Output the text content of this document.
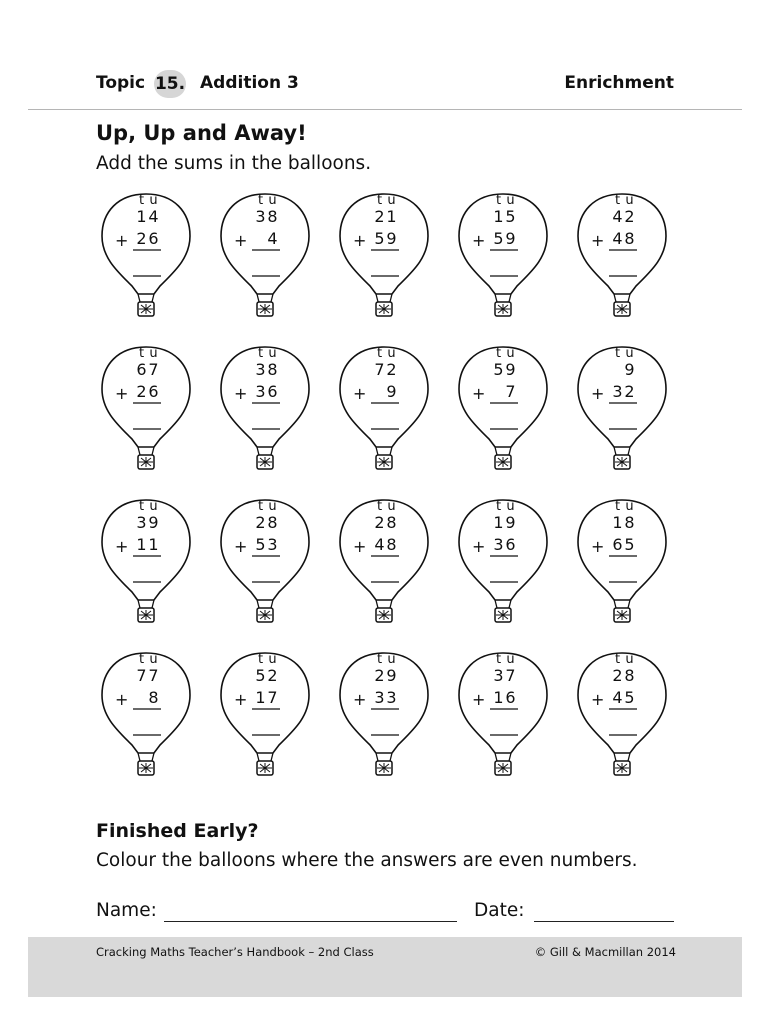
Topic 15. Addition 3	Enrichment
Up, Up and Away!
Add the sums in the balloons.
t u
1 4
+ 2 6
t u
3 8
+ 4
t u
2 1
+ 5 9
t u
1 5
+ 5 9
t u
4 2
+ 4 8
t u
6 7
+ 2 6
t u
3 8
+ 3 6
t u
7 2
+ 9
t u
5 9
+ 7
t u
9
+ 3 2
t u
3 9
+ 1 1
t u
2 8
+ 5 3
t u
2 8
+ 4 8
t u
1 9
+ 3 6
t u
1 8
+ 6 5
t u
7 7
+ 8
t u
5 2
+ 1 7
t u
2 9
+ 3 3
t u
3 7
+ 1 6
t u
2 8
+ 4 5
Finished Early?
Colour the balloons where the answers are even numbers.
Name:	Date:
Cracking Maths Teacher’s Handbook – 2nd Class	© Gill & Macmillan 2014
